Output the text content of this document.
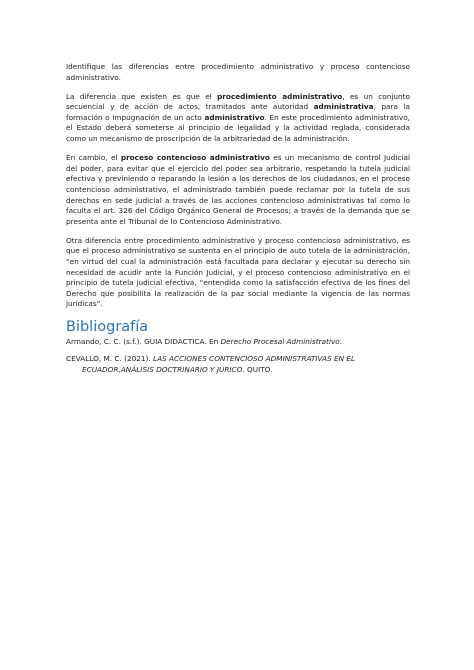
Identifique las diferencias entre procedimiento administrativo y proceso contencioso administrativo.

La diferencia que existen es que el procedimiento administrativo, es un conjunto secuencial y de acción de actos, tramitados ante autoridad administrativa, para la formación o impugnación de un acto administrativo. En este procedimiento administrativo, el Estado deberá someterse al principio de legalidad y la actividad reglada, considerada como un mecanismo de proscripción de la arbitrariedad de la administración.

En cambio, el proceso contencioso administrativo es un mecanismo de control Judicial del poder, para evitar que el ejercicio del poder sea arbitrario, respetando la tutela judicial efectiva y previniendo o reparando la lesión a los derechos de los ciudadanos, en el proceso contencioso administrativo, el administrado también puede reclamar por la tutela de sus derechos en sede judicial a través de las acciones contencioso administrativas tal como lo faculta el art. 326 del Código Orgánico General de Procesos; a través de la demanda que se presenta ante el Tribunal de lo Contencioso Administrativo.

Otra diferencia entre procedimiento administrativo y proceso contencioso administrativo, es que el proceso administrativo se sustenta en el principio de auto tutela de la administración, “en virtud del cual la administración está facultada para declarar y ejecutar su derecho sin necesidad de acudir ante la Función Judicial, y el proceso contencioso administrativo en el principio de tutela judicial efectiva, “entendida como la satisfacción efectiva de los fines del Derecho que posibilita la realización de la paz social mediante la vigencia de las normas jurídicas”.

Bibliografía

Armando, C. C. (s.f.). GUIA DIDACTICA. En Derecho Procesal Administrativo.

CEVALLO, M. C. (2021). LAS ACCIONES CONTENCIOSO ADMINISTRATIVAS EN EL ECUADOR,ANÁLISIS DOCTRINARIO Y JURICO. QUITO.
